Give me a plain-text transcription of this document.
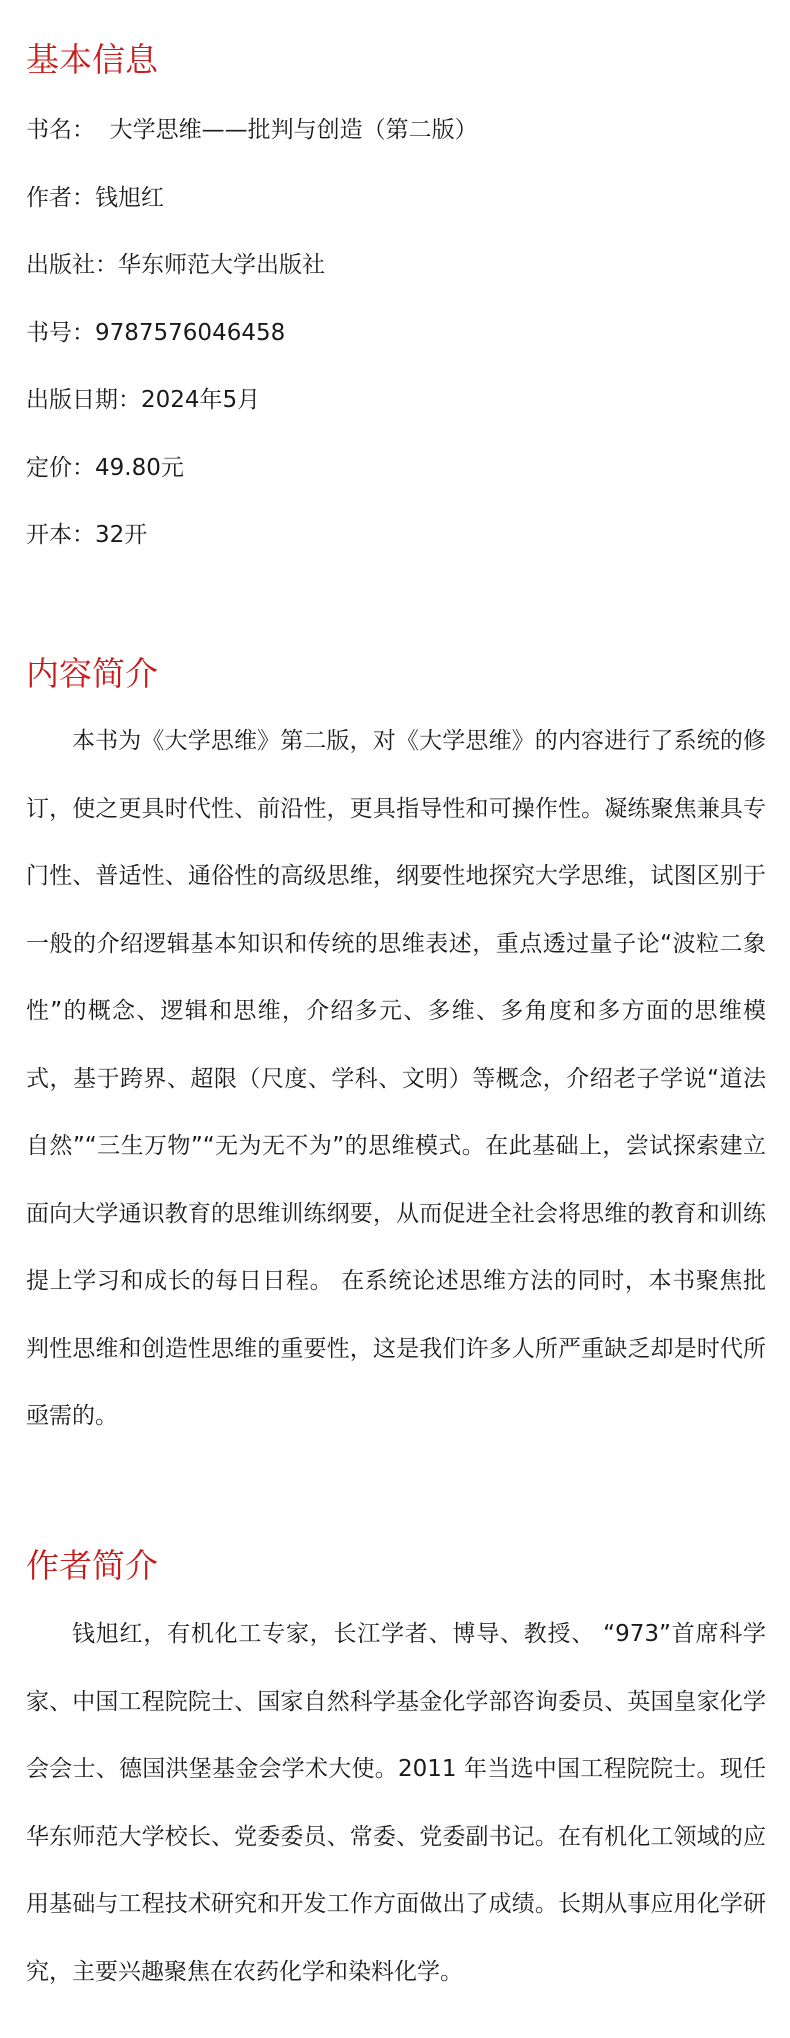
基本信息
书名：  大学思维——批判与创造（第二版）
作者：钱旭红
出版社：华东师范大学出版社
书号：9787576046458
出版日期：2024年5月
定价：49.80元
开本：32开
内容简介

本书为《大学思维》第二版，对《大学思维》的内容进行了系统的修订，使之更具时代性、前沿性，更具指导性和可操作性。凝练聚焦兼具专门性、普适性、通俗性的高级思维，纲要性地探究大学思维，试图区别于一般的介绍逻辑基本知识和传统的思维表述，重点透过量子论“波粒二象性”的概念、逻辑和思维，介绍多元、多维、多角度和多方面的思维模式，基于跨界、超限（尺度、学科、文明）等概念，介绍老子学说“道法自然”“三生万物”“无为无不为”的思维模式。在此基础上，尝试探索建立面向大学通识教育的思维训练纲要，从而促进全社会将思维的教育和训练提上学习和成长的每日日程。 在系统论述思维方法的同时，本书聚焦批判性思维和创造性思维的重要性，这是我们许多人所严重缺乏却是时代所亟需的。

作者简介

钱旭红，有机化工专家，长江学者、博导、教授、 “973”首席科学家、中国工程院院士、国家自然科学基金化学部咨询委员、英国皇家化学会会士、德国洪堡基金会学术大使。2011 年当选中国工程院院士。现任华东师范大学校长、党委委员、常委、党委副书记。在有机化工领域的应用基础与工程技术研究和开发工作方面做出了成绩。长期从事应用化学研究，主要兴趣聚焦在农药化学和染料化学。
